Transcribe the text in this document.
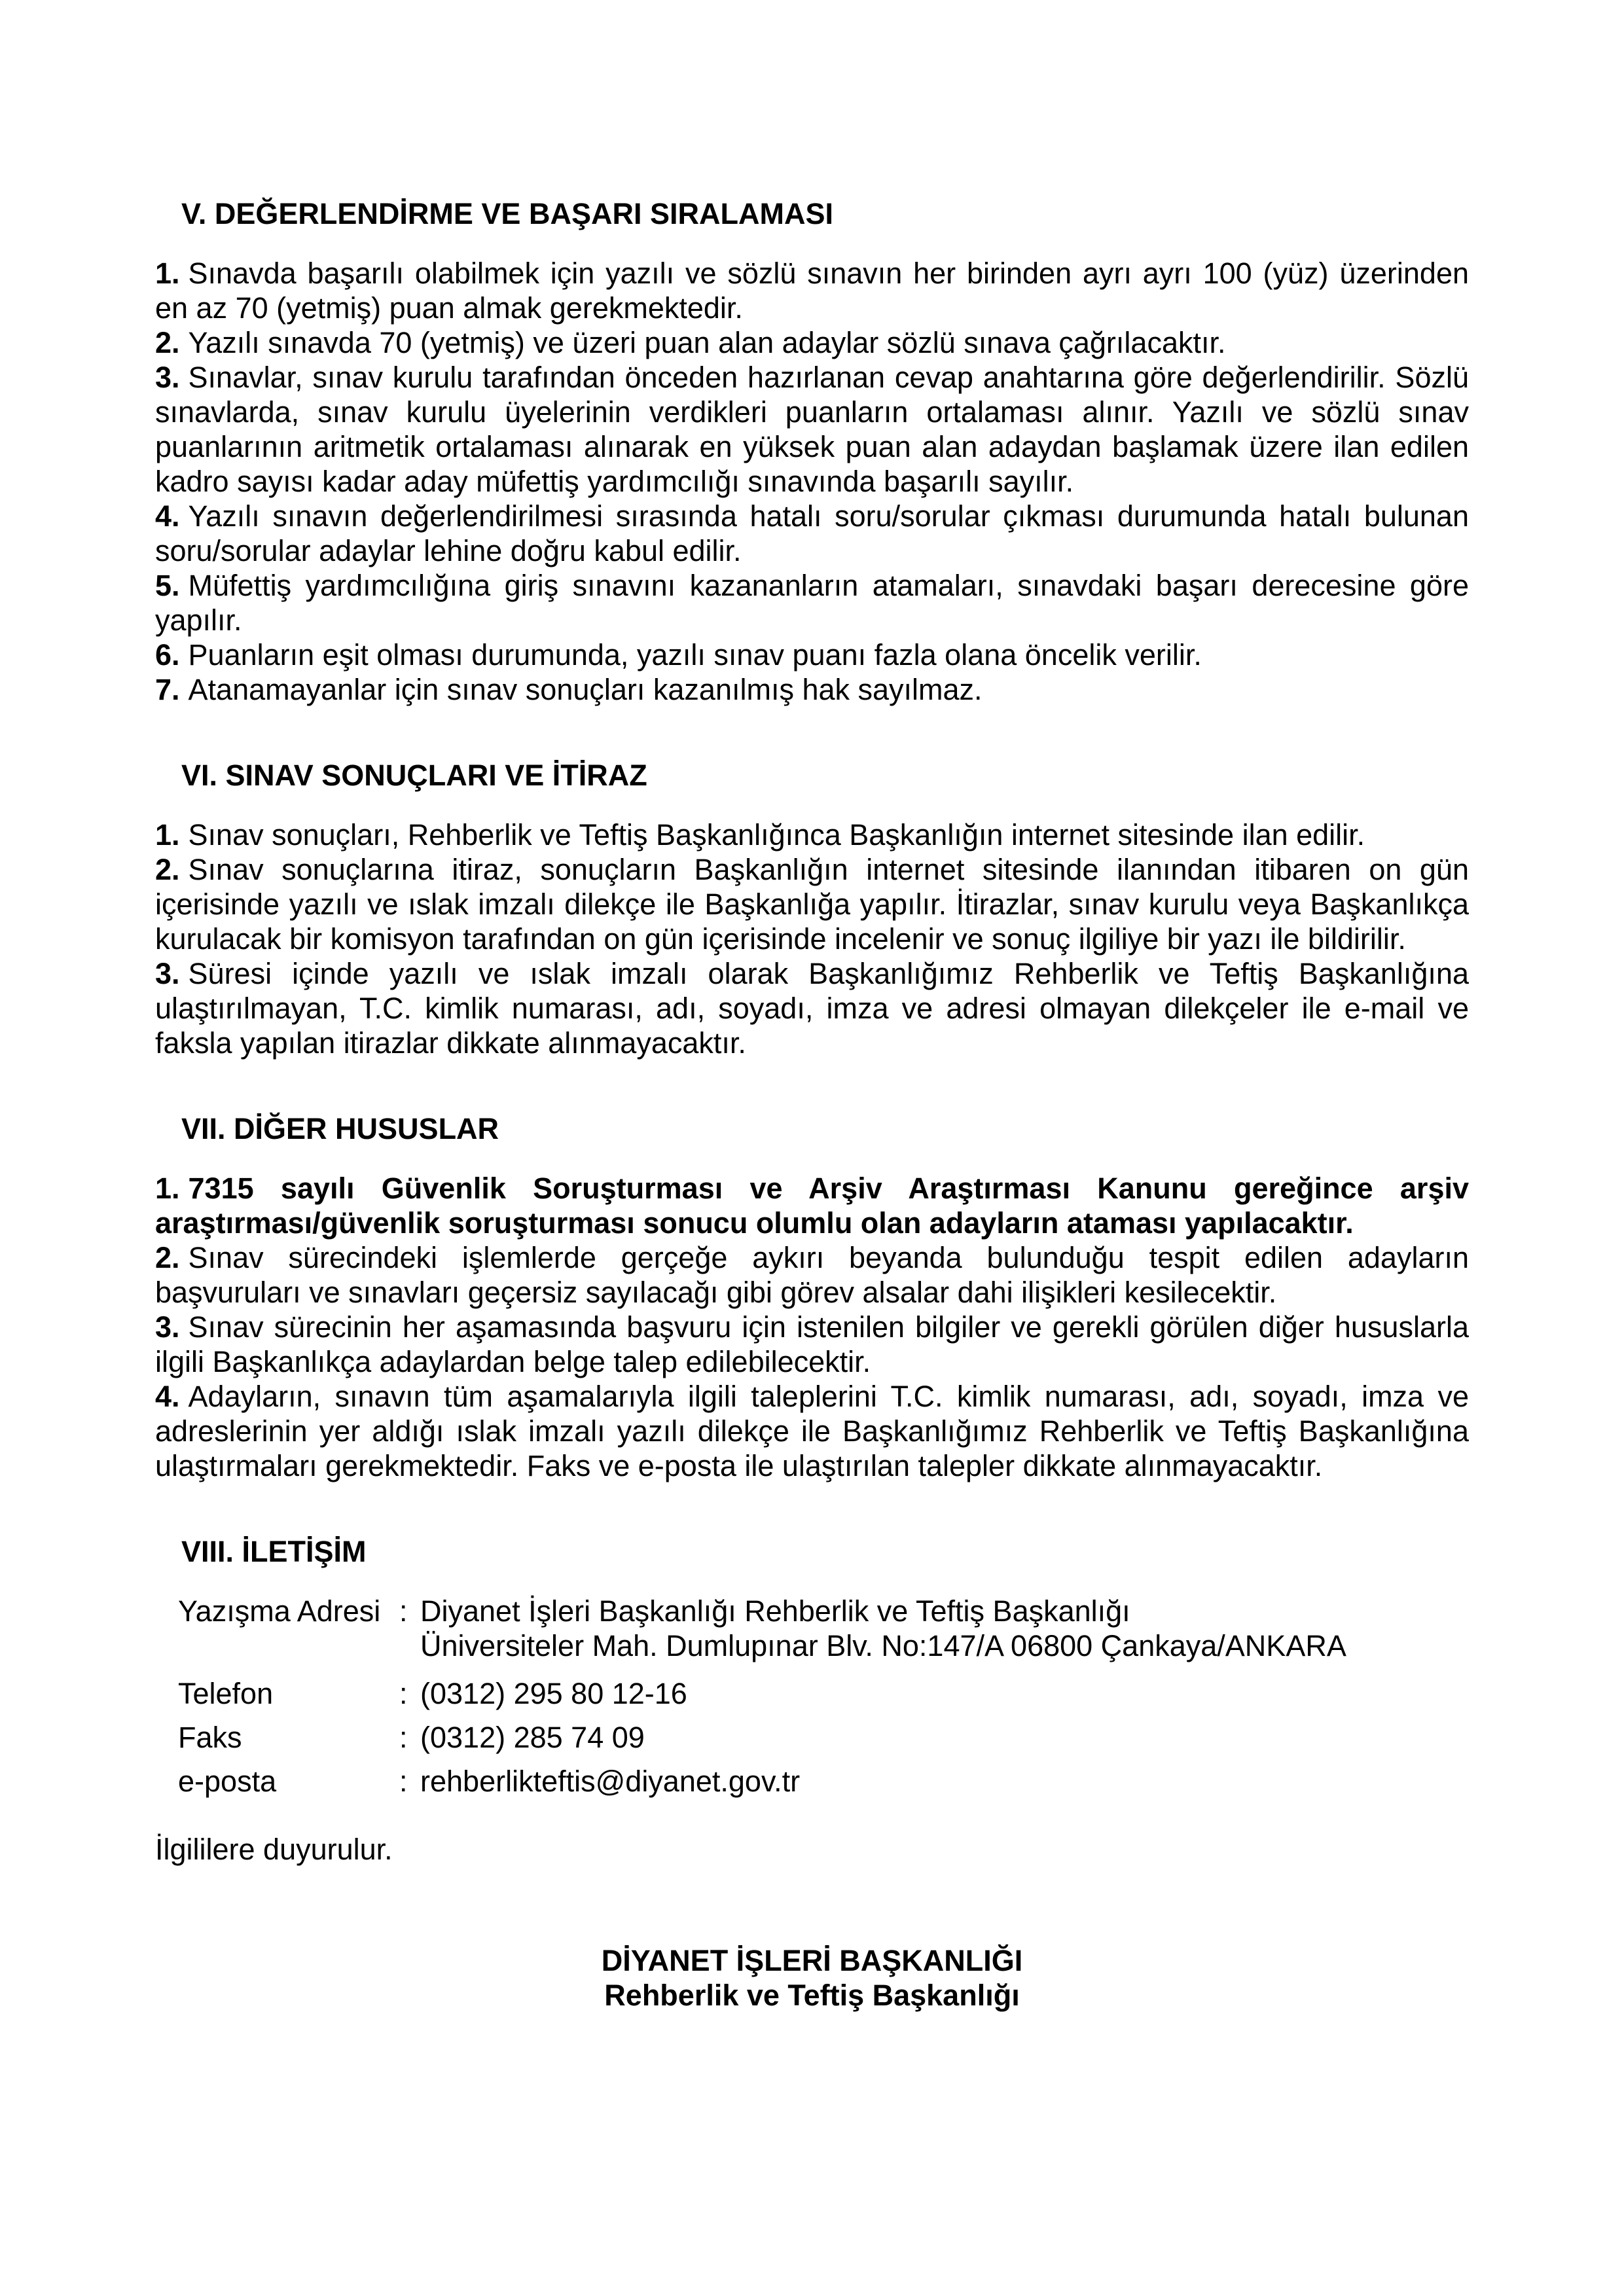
V. DEĞERLENDİRME VE BAŞARI SIRALAMASI

1. Sınavda başarılı olabilmek için yazılı ve sözlü sınavın her birinden ayrı ayrı 100 (yüz) üzerinden en az 70 (yetmiş) puan almak gerekmektedir.

2. Yazılı sınavda 70 (yetmiş) ve üzeri puan alan adaylar sözlü sınava çağrılacaktır.

3. Sınavlar, sınav kurulu tarafından önceden hazırlanan cevap anahtarına göre değerlendirilir. Sözlü sınavlarda, sınav kurulu üyelerinin verdikleri puanların ortalaması alınır. Yazılı ve sözlü sınav puanlarının aritmetik ortalaması alınarak en yüksek puan alan adaydan başlamak üzere ilan edilen kadro sayısı kadar aday müfettiş yardımcılığı sınavında başarılı sayılır.

4. Yazılı sınavın değerlendirilmesi sırasında hatalı soru/sorular çıkması durumunda hatalı bulunan soru/sorular adaylar lehine doğru kabul edilir.

5. Müfettiş yardımcılığına giriş sınavını kazananların atamaları, sınavdaki başarı derecesine göre yapılır.

6. Puanların eşit olması durumunda, yazılı sınav puanı fazla olana öncelik verilir.

7. Atanamayanlar için sınav sonuçları kazanılmış hak sayılmaz.

VI. SINAV SONUÇLARI VE İTİRAZ

1. Sınav sonuçları, Rehberlik ve Teftiş Başkanlığınca Başkanlığın internet sitesinde ilan edilir.

2. Sınav sonuçlarına itiraz, sonuçların Başkanlığın internet sitesinde ilanından itibaren on gün içerisinde yazılı ve ıslak imzalı dilekçe ile Başkanlığa yapılır. İtirazlar, sınav kurulu veya Başkanlıkça kurulacak bir komisyon tarafından on gün içerisinde incelenir ve sonuç ilgiliye bir yazı ile bildirilir.

3. Süresi içinde yazılı ve ıslak imzalı olarak Başkanlığımız Rehberlik ve Teftiş Başkanlığına ulaştırılmayan, T.C. kimlik numarası, adı, soyadı, imza ve adresi olmayan dilekçeler ile e-mail ve faksla yapılan itirazlar dikkate alınmayacaktır.

VII. DİĞER HUSUSLAR

1. 7315 sayılı Güvenlik Soruşturması ve Arşiv Araştırması Kanunu gereğince arşiv araştırması/güvenlik soruşturması sonucu olumlu olan adayların ataması yapılacaktır.

2. Sınav sürecindeki işlemlerde gerçeğe aykırı beyanda bulunduğu tespit edilen adayların başvuruları ve sınavları geçersiz sayılacağı gibi görev alsalar dahi ilişikleri kesilecektir.

3. Sınav sürecinin her aşamasında başvuru için istenilen bilgiler ve gerekli görülen diğer hususlarla ilgili Başkanlıkça adaylardan belge talep edilebilecektir.

4. Adayların, sınavın tüm aşamalarıyla ilgili taleplerini T.C. kimlik numarası, adı, soyadı, imza ve adreslerinin yer aldığı ıslak imzalı yazılı dilekçe ile Başkanlığımız Rehberlik ve Teftiş Başkanlığına ulaştırmaları gerekmektedir. Faks ve e-posta ile ulaştırılan talepler dikkate alınmayacaktır.

VIII. İLETİŞİM
Yazışma Adresi : Diyanet İşleri Başkanlığı Rehberlik ve Teftiş Başkanlığı
Üniversiteler Mah. Dumlupınar Blv. No:147/A 06800 Çankaya/ANKARA
Telefon	: (0312) 295 80 12-16
Faks	: (0312) 285 74 09
e-posta	: rehberlikteftis@diyanet.gov.tr

İlgililere duyurulur.

DİYANET İŞLERİ BAŞKANLIĞI
Rehberlik ve Teftiş Başkanlığı
